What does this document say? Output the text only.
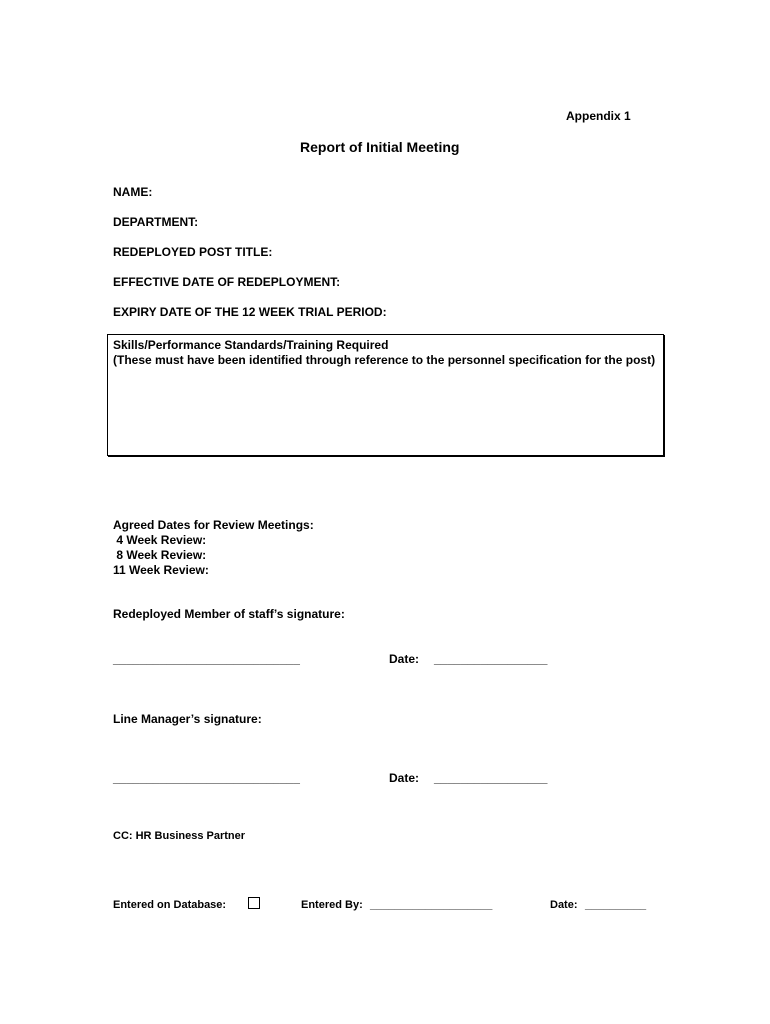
Appendix 1
Report of Initial Meeting
NAME:
DEPARTMENT:
REDEPLOYED POST TITLE:
EFFECTIVE DATE OF REDEPLOYMENT:
EXPIRY DATE OF THE 12 WEEK TRIAL PERIOD:
Skills/Performance Standards/Training Required
(These must have been identified through reference to the personnel specification for the post)
Agreed Dates for Review Meetings:
4 Week Review:
8 Week Review:
11 Week Review:
Redeployed Member of staff’s signature:
____________________________	Date: _________________
Line Manager’s signature:
____________________________	Date: _________________
CC: HR Business Partner
Entered on Database:	Entered By: ____________________	Date: __________
